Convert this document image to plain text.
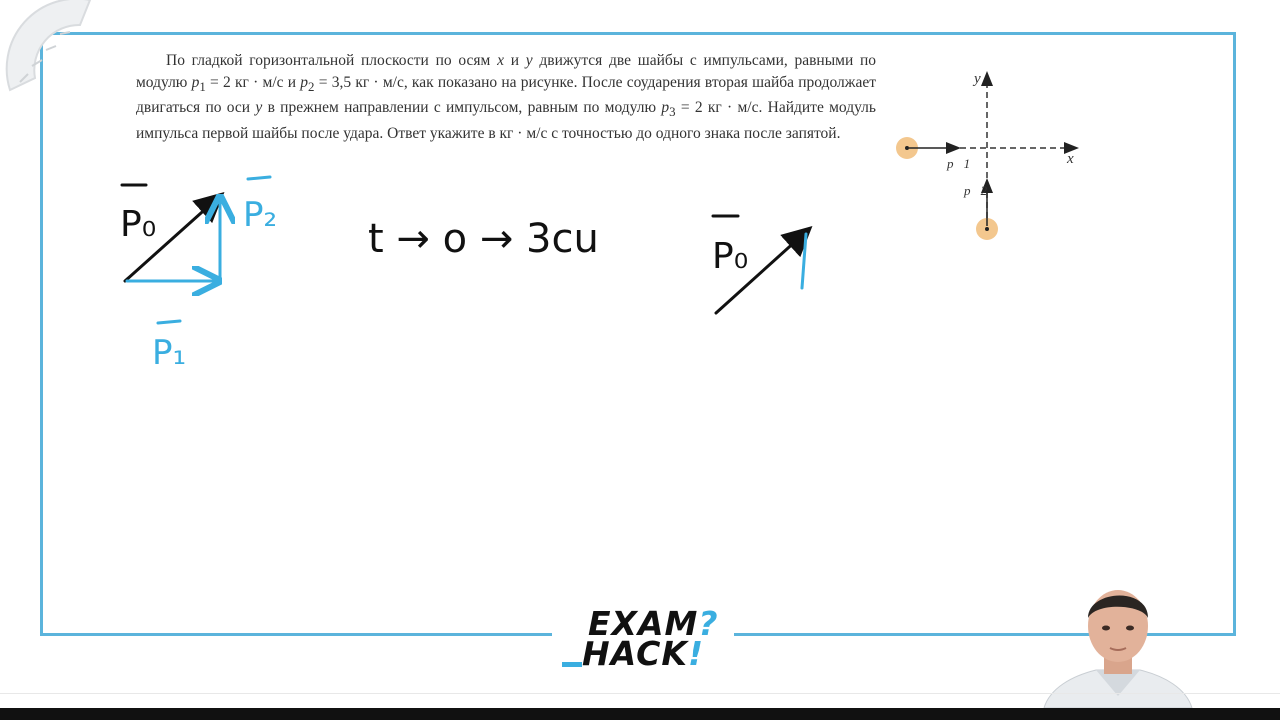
По гладкой горизонтальной плоскости по осям x и y движутся две шайбы с импульсами, равными по модулю $p_1 = 2$ кг · м/с и $p_2 = 3,5$ кг · м/с, как показано на рисунке. После соударения вторая шайба продолжает двигаться по оси y в прежнем направлении с импульсом, равным по модулю $p_3 = 2$ кг · м/с. Найдите модуль импульса первой шайбы после удара. Ответ укажите в кг · м/с с точностью до одного знака после запятой.

x
y
p⃗1
p⃗2
P₀	P₂
P₁
t → o → 3cu	P₀
EXAM?
HACK!
